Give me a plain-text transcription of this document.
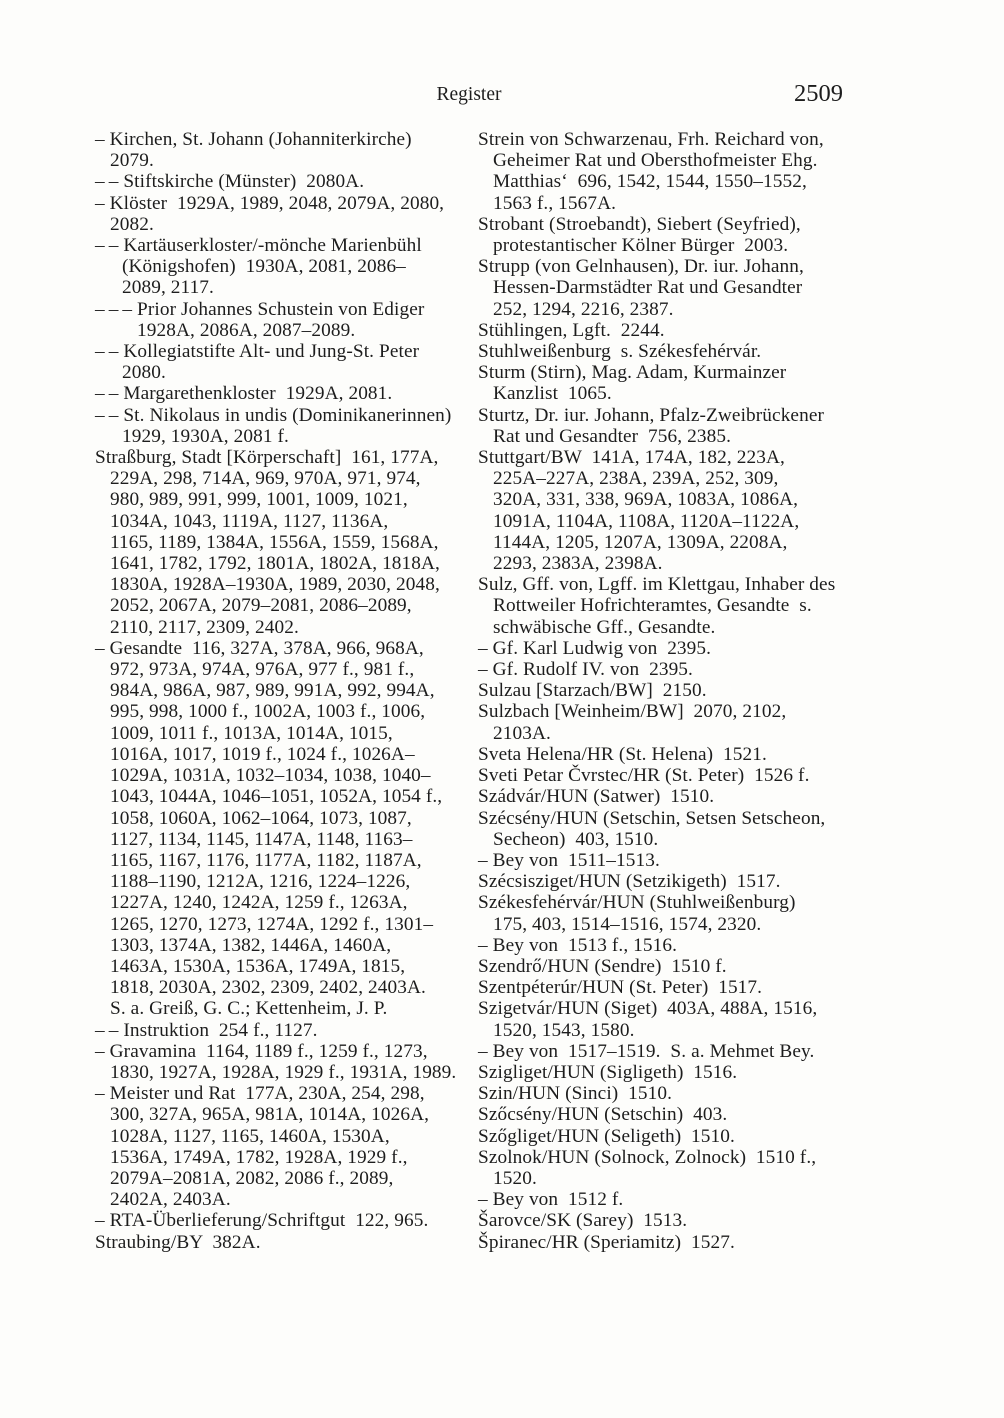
Register	2509
– Kirchen, St. Johann (Johanniterkirche)
2079.
– – Stiftskirche (Münster)  2080A.
– Klöster  1929A, 1989, 2048, 2079A, 2080,
2082.
– – Kartäuserkloster/-mönche Marienbühl
(Königshofen)  1930A, 2081, 2086–
2089, 2117.
– – – Prior Johannes Schustein von Ediger
1928A, 2086A, 2087–2089.
– – Kollegiatstifte Alt- und Jung-St. Peter
2080.
– – Margarethenkloster  1929A, 2081.
– – St. Nikolaus in undis (Dominikanerinnen)
1929, 1930A, 2081 f.
Straßburg, Stadt [Körperschaft]  161, 177A,
229A, 298, 714A, 969, 970A, 971, 974,
980, 989, 991, 999, 1001, 1009, 1021,
1034A, 1043, 1119A, 1127, 1136A,
1165, 1189, 1384A, 1556A, 1559, 1568A,
1641, 1782, 1792, 1801A, 1802A, 1818A,
1830A, 1928A–1930A, 1989, 2030, 2048,
2052, 2067A, 2079–2081, 2086–2089,
2110, 2117, 2309, 2402.
– Gesandte  116, 327A, 378A, 966, 968A,
972, 973A, 974A, 976A, 977 f., 981 f.,
984A, 986A, 987, 989, 991A, 992, 994A,
995, 998, 1000 f., 1002A, 1003 f., 1006,
1009, 1011 f., 1013A, 1014A, 1015,
1016A, 1017, 1019 f., 1024 f., 1026A–
1029A, 1031A, 1032–1034, 1038, 1040–
1043, 1044A, 1046–1051, 1052A, 1054 f.,
1058, 1060A, 1062–1064, 1073, 1087,
1127, 1134, 1145, 1147A, 1148, 1163–
1165, 1167, 1176, 1177A, 1182, 1187A,
1188–1190, 1212A, 1216, 1224–1226,
1227A, 1240, 1242A, 1259 f., 1263A,
1265, 1270, 1273, 1274A, 1292 f., 1301–
1303, 1374A, 1382, 1446A, 1460A,
1463A, 1530A, 1536A, 1749A, 1815,
1818, 2030A, 2302, 2309, 2402, 2403A.
S. a. Greiß, G. C.; Kettenheim, J. P.
– – Instruktion  254 f., 1127.
– Gravamina  1164, 1189 f., 1259 f., 1273,
1830, 1927A, 1928A, 1929 f., 1931A, 1989.
– Meister und Rat  177A, 230A, 254, 298,
300, 327A, 965A, 981A, 1014A, 1026A,
1028A, 1127, 1165, 1460A, 1530A,
1536A, 1749A, 1782, 1928A, 1929 f.,
2079A–2081A, 2082, 2086 f., 2089,
2402A, 2403A.
– RTA-Überlieferung/Schriftgut  122, 965.
Straubing/BY  382A.
Strein von Schwarzenau, Frh. Reichard von,
Geheimer Rat und Obersthofmeister Ehg.
Matthias‘  696, 1542, 1544, 1550–1552,
1563 f., 1567A.
Strobant (Stroebandt), Siebert (Seyfried),
protestantischer Kölner Bürger  2003.
Strupp (von Gelnhausen), Dr. iur. Johann,
Hessen-Darmstädter Rat und Gesandter
252, 1294, 2216, 2387.
Stühlingen, Lgft.  2244.
Stuhlweißenburg  s. Székesfehérvár.
Sturm (Stirn), Mag. Adam, Kurmainzer
Kanzlist  1065.
Sturtz, Dr. iur. Johann, Pfalz-Zweibrückener
Rat und Gesandter  756, 2385.
Stuttgart/BW  141A, 174A, 182, 223A,
225A–227A, 238A, 239A, 252, 309,
320A, 331, 338, 969A, 1083A, 1086A,
1091A, 1104A, 1108A, 1120A–1122A,
1144A, 1205, 1207A, 1309A, 2208A,
2293, 2383A, 2398A.
Sulz, Gff. von, Lgff. im Klettgau, Inhaber des
Rottweiler Hofrichteramtes, Gesandte  s.
schwäbische Gff., Gesandte.
– Gf. Karl Ludwig von  2395.
– Gf. Rudolf IV. von  2395.
Sulzau [Starzach/BW]  2150.
Sulzbach [Weinheim/BW]  2070, 2102,
2103A.
Sveta Helena/HR (St. Helena)  1521.
Sveti Petar Čvrstec/HR (St. Peter)  1526 f.
Szádvár/HUN (Satwer)  1510.
Szécsény/HUN (Setschin, Setsen Setscheon,
Secheon)  403, 1510.
– Bey von  1511–1513.
Szécsisziget/HUN (Setzikigeth)  1517.
Székesfehérvár/HUN (Stuhlweißenburg)
175, 403, 1514–1516, 1574, 2320.
– Bey von  1513 f., 1516.
Szendrő/HUN (Sendre)  1510 f.
Szentpéterúr/HUN (St. Peter)  1517.
Szigetvár/HUN (Siget)  403A, 488A, 1516,
1520, 1543, 1580.
– Bey von  1517–1519.  S. a. Mehmet Bey.
Szigliget/HUN (Sigligeth)  1516.
Szin/HUN (Sinci)  1510.
Szőcsény/HUN (Setschin)  403.
Szőgliget/HUN (Seligeth)  1510.
Szolnok/HUN (Solnock, Zolnock)  1510 f.,
1520.
– Bey von  1512 f.
Šarovce/SK (Sarey)  1513.
Špiranec/HR (Speriamitz)  1527.
